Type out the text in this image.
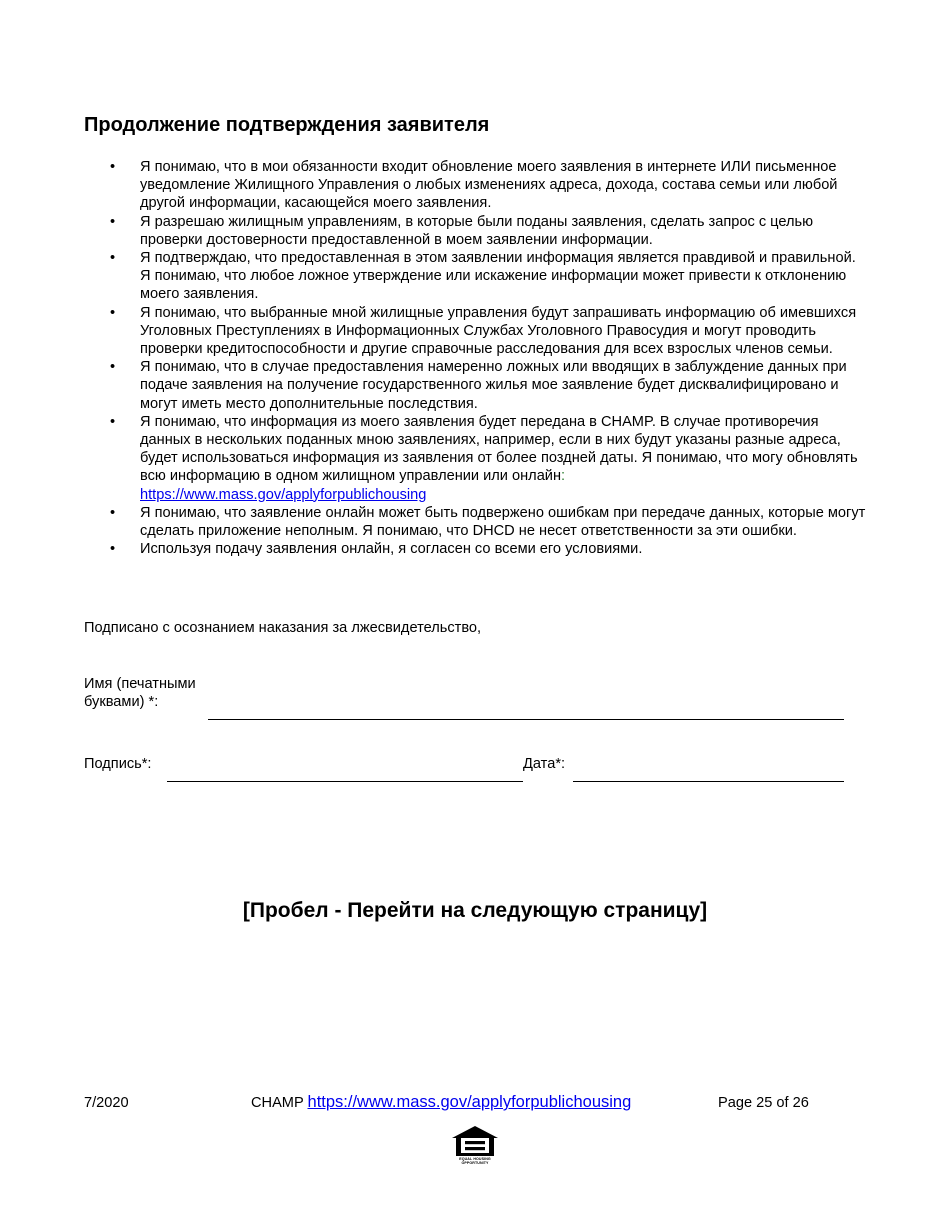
Продолжение подтверждения заявителя
• Я понимаю, что в мои обязанности входит обновление моего заявления в интернете ИЛИ письменное уведомление Жилищного Управления о любых изменениях адреса, дохода, состава семьи или любой другой информации, касающейся моего заявления.
• Я разрешаю жилищным управлениям, в которые были поданы заявления, сделать запрос с целью проверки достоверности предоставленной в моем заявлении информации.
• Я подтверждаю, что предоставленная в этом заявлении информация является правдивой и правильной. Я понимаю, что любое ложное утверждение или искажение информации может привести к отклонению моего заявления.
• Я понимаю, что выбранные мной жилищные управления будут запрашивать информацию об имевшихся Уголовных Преступлениях в Информационных Службах Уголовного Правосудия и могут проводить проверки кредитоспособности и другие справочные расследования для всех взрослых членов семьи.
• Я понимаю, что в случае предоставления намеренно ложных или вводящих в заблуждение данных при подаче заявления на получение государственного жилья мое заявление будет дисквалифицировано и могут иметь место дополнительные последствия.
• Я понимаю, что информация из моего заявления будет передана в CHAMP. В случае противоречия данных в нескольких поданных мною заявлениях, например, если в них будут указаны разные адреса, будет использоваться информация из заявления от более поздней даты. Я понимаю, что могу обновлять всю информацию в одном жилищном управлении или онлайн:
https://www.mass.gov/applyforpublichousing
• Я понимаю, что заявление онлайн может быть подвержено ошибкам при передаче данных, которые могут сделать приложение неполным. Я понимаю, что DHCD не несет ответственности за эти ошибки.
• Используя подачу заявления онлайн, я согласен со всеми его условиями.

Подписано с осознанием наказания за лжесвидетельство,

Имя (печатными буквами) *:
Подпись*:	Дата*:
[Пробел - Перейти на следующую страницу]
7/2020	CHAMP https://www.mass.gov/applyforpublichousing	Page 25 of 26
EQUAL HOUSING
OPPORTUNITY
